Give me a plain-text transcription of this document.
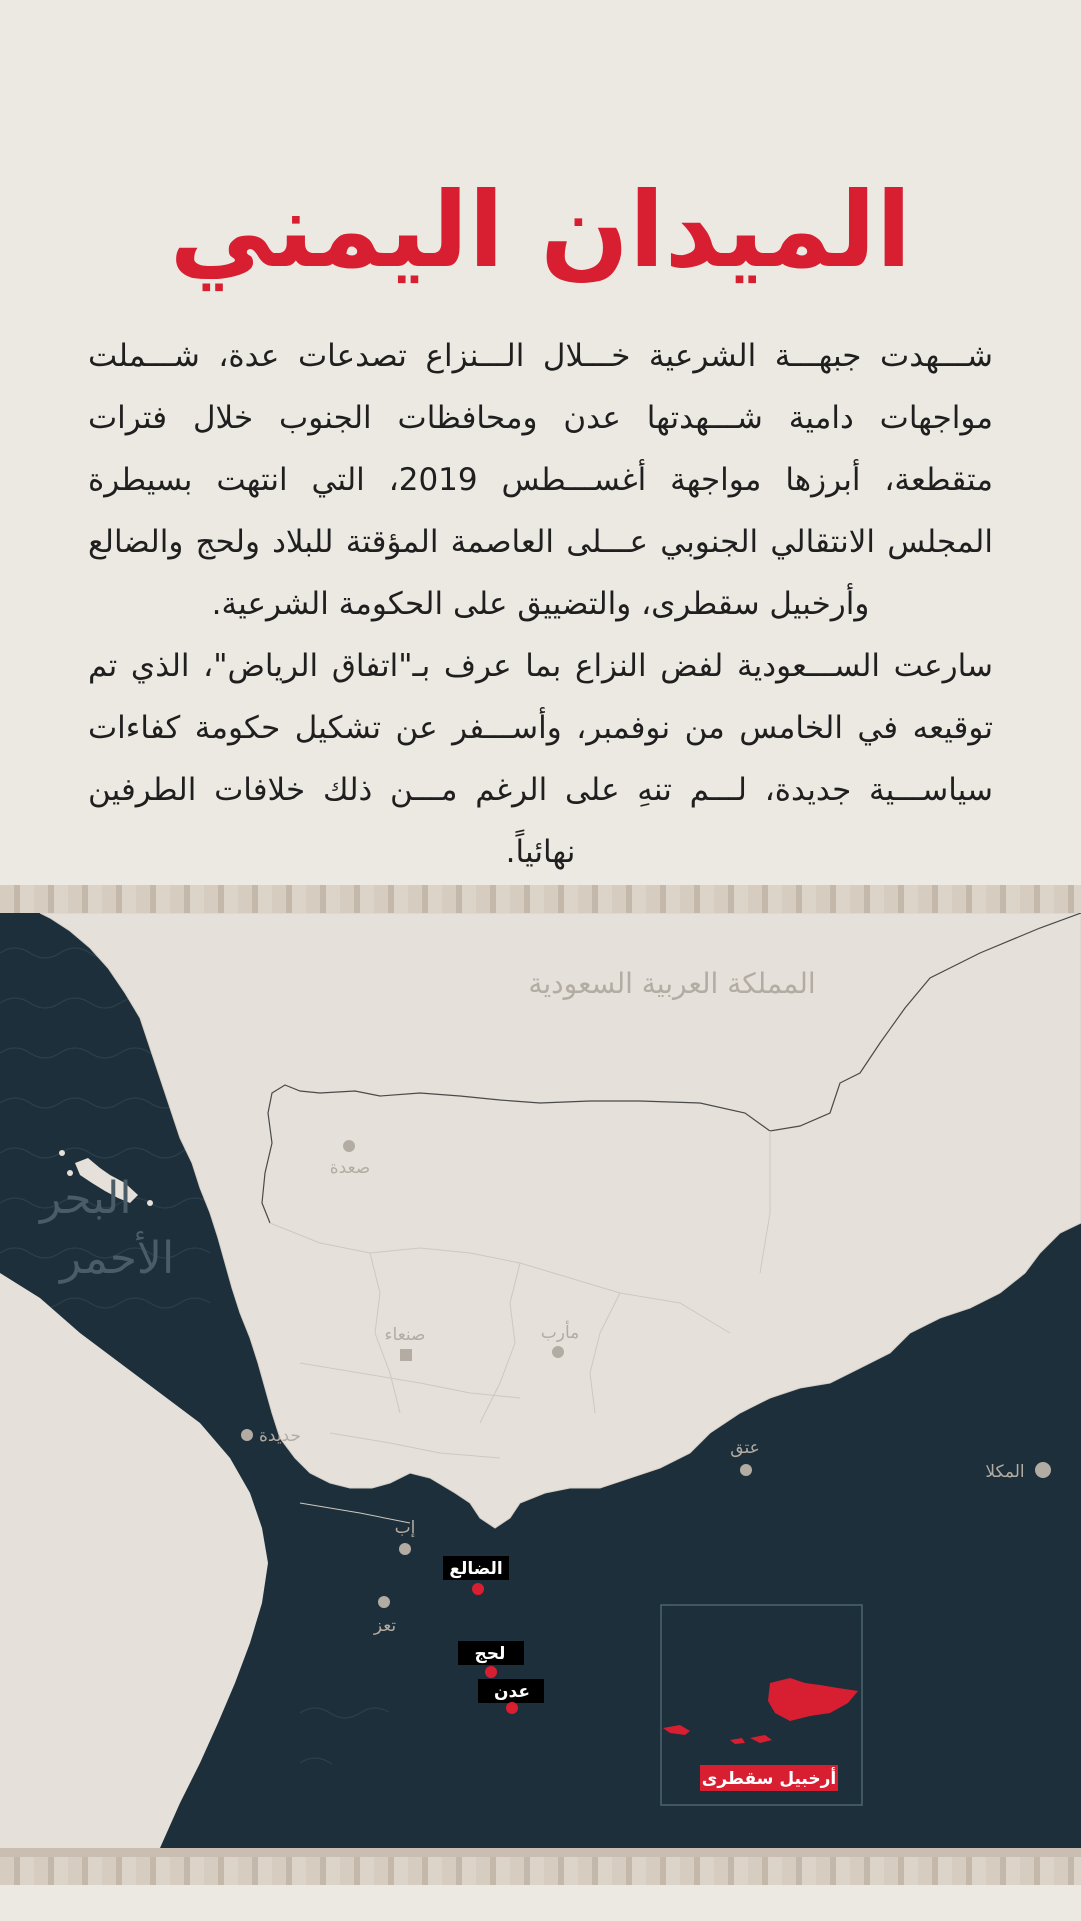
الميدان اليمني

شـــهدت جبهـــة الشرعية خـــلال الـــنزاع تصدعات عدة، شـــملت مواجهات دامية شـــهدتها عدن ومحافظات الجنوب خلال فترات متقطعة، أبرزها مواجهة أغســـطس 2019، التي انتهت بسيطرة المجلس الانتقالي الجنوبي عـــلى العاصمة المؤقتة للبلاد ولحج والضالع وأرخبيل سقطرى، والتضييق على الحكومة الشرعية.

سارعت الســـعودية لفض النزاع بما عرف بـ"اتفاق الرياض"، الذي تم توقيعه في الخامس من نوفمبر، وأســـفر عن تشكيل حكومة كفاءات سياســـية جديدة، لـــم تنهِ على الرغم مـــن ذلك خلافات الطرفين نهائياً.

المملكة العربية السعودية
البحر
الأحمر
صعدة
صنعاء	مأرب
حديدة
عتق
المكلا
إب
تعز
الضالع
لحج
عدن
أرخبيل سقطرى
